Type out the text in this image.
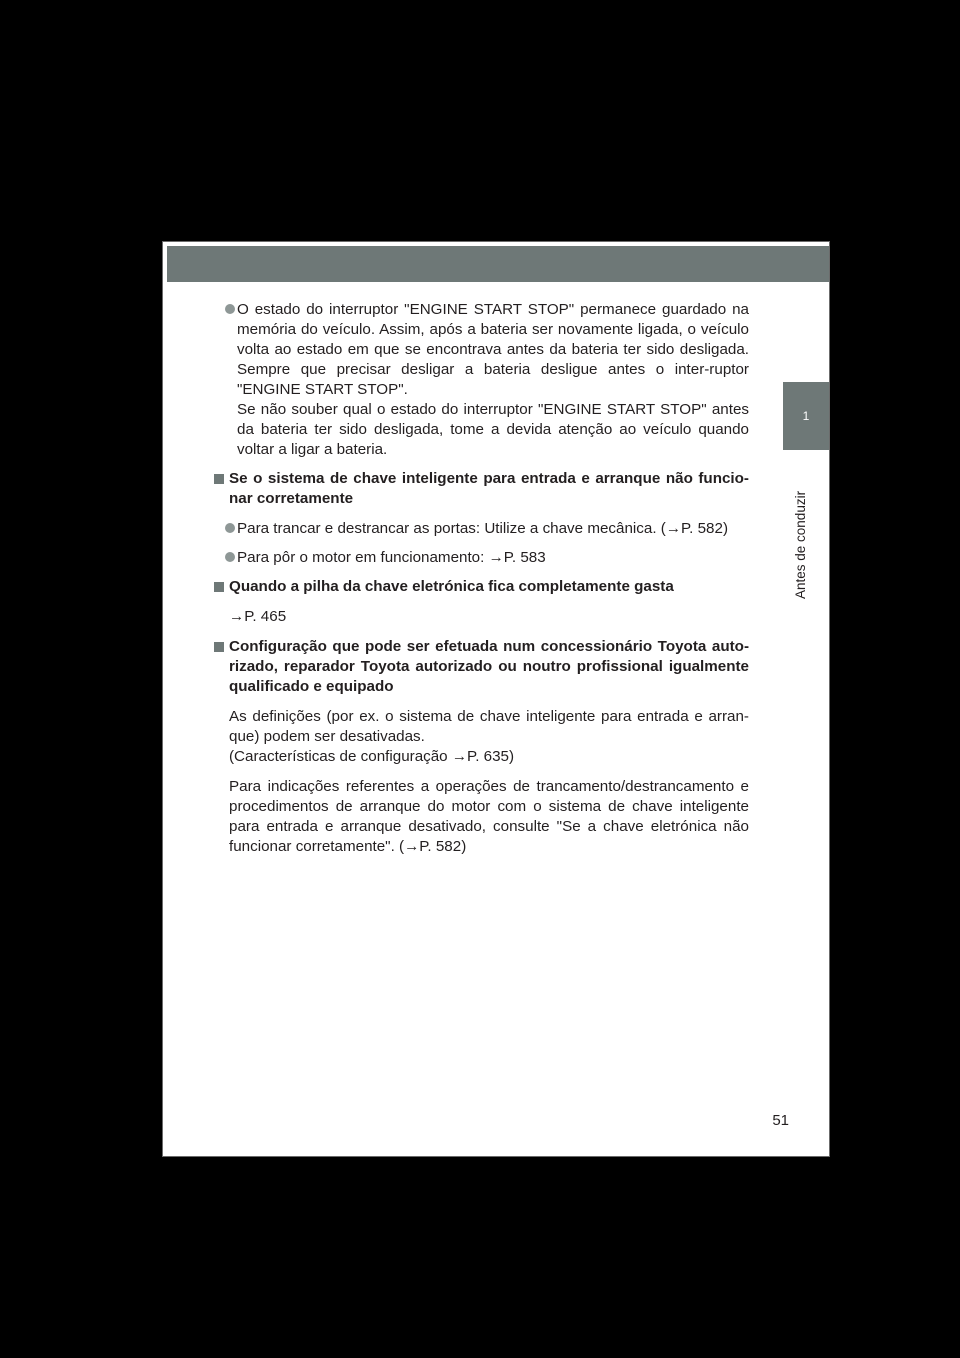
1
Antes de conduzir

O estado do interruptor "ENGINE START STOP" permanece guardado na memória do veículo. Assim, após a bateria ser novamente ligada, o veículo volta ao estado em que se encontrava antes da bateria ter sido desligada. Sempre que precisar desligar a bateria desligue antes o inter-ruptor "ENGINE START STOP".

Se não souber qual o estado do interruptor "ENGINE START STOP" antes da bateria ter sido desligada, tome a devida atenção ao veículo quando voltar a ligar a bateria.

Se o sistema de chave inteligente para entrada e arranque não funcio-nar corretamente

Para trancar e destrancar as portas: Utilize a chave mecânica. (→P. 582)

Para pôr o motor em funcionamento: →P. 583

Quando a pilha da chave eletrónica fica completamente gasta

→P. 465

Configuração que pode ser efetuada num concessionário Toyota auto-rizado, reparador Toyota autorizado ou noutro profissional igualmente qualificado e equipado

As definições (por ex. o sistema de chave inteligente para entrada e arran-que) podem ser desativadas.

(Características de configuração →P. 635)

Para indicações referentes a operações de trancamento/destrancamento e procedimentos de arranque do motor com o sistema de chave inteligente para entrada e arranque desativado, consulte "Se a chave eletrónica não funcionar corretamente". (→P. 582)

51
